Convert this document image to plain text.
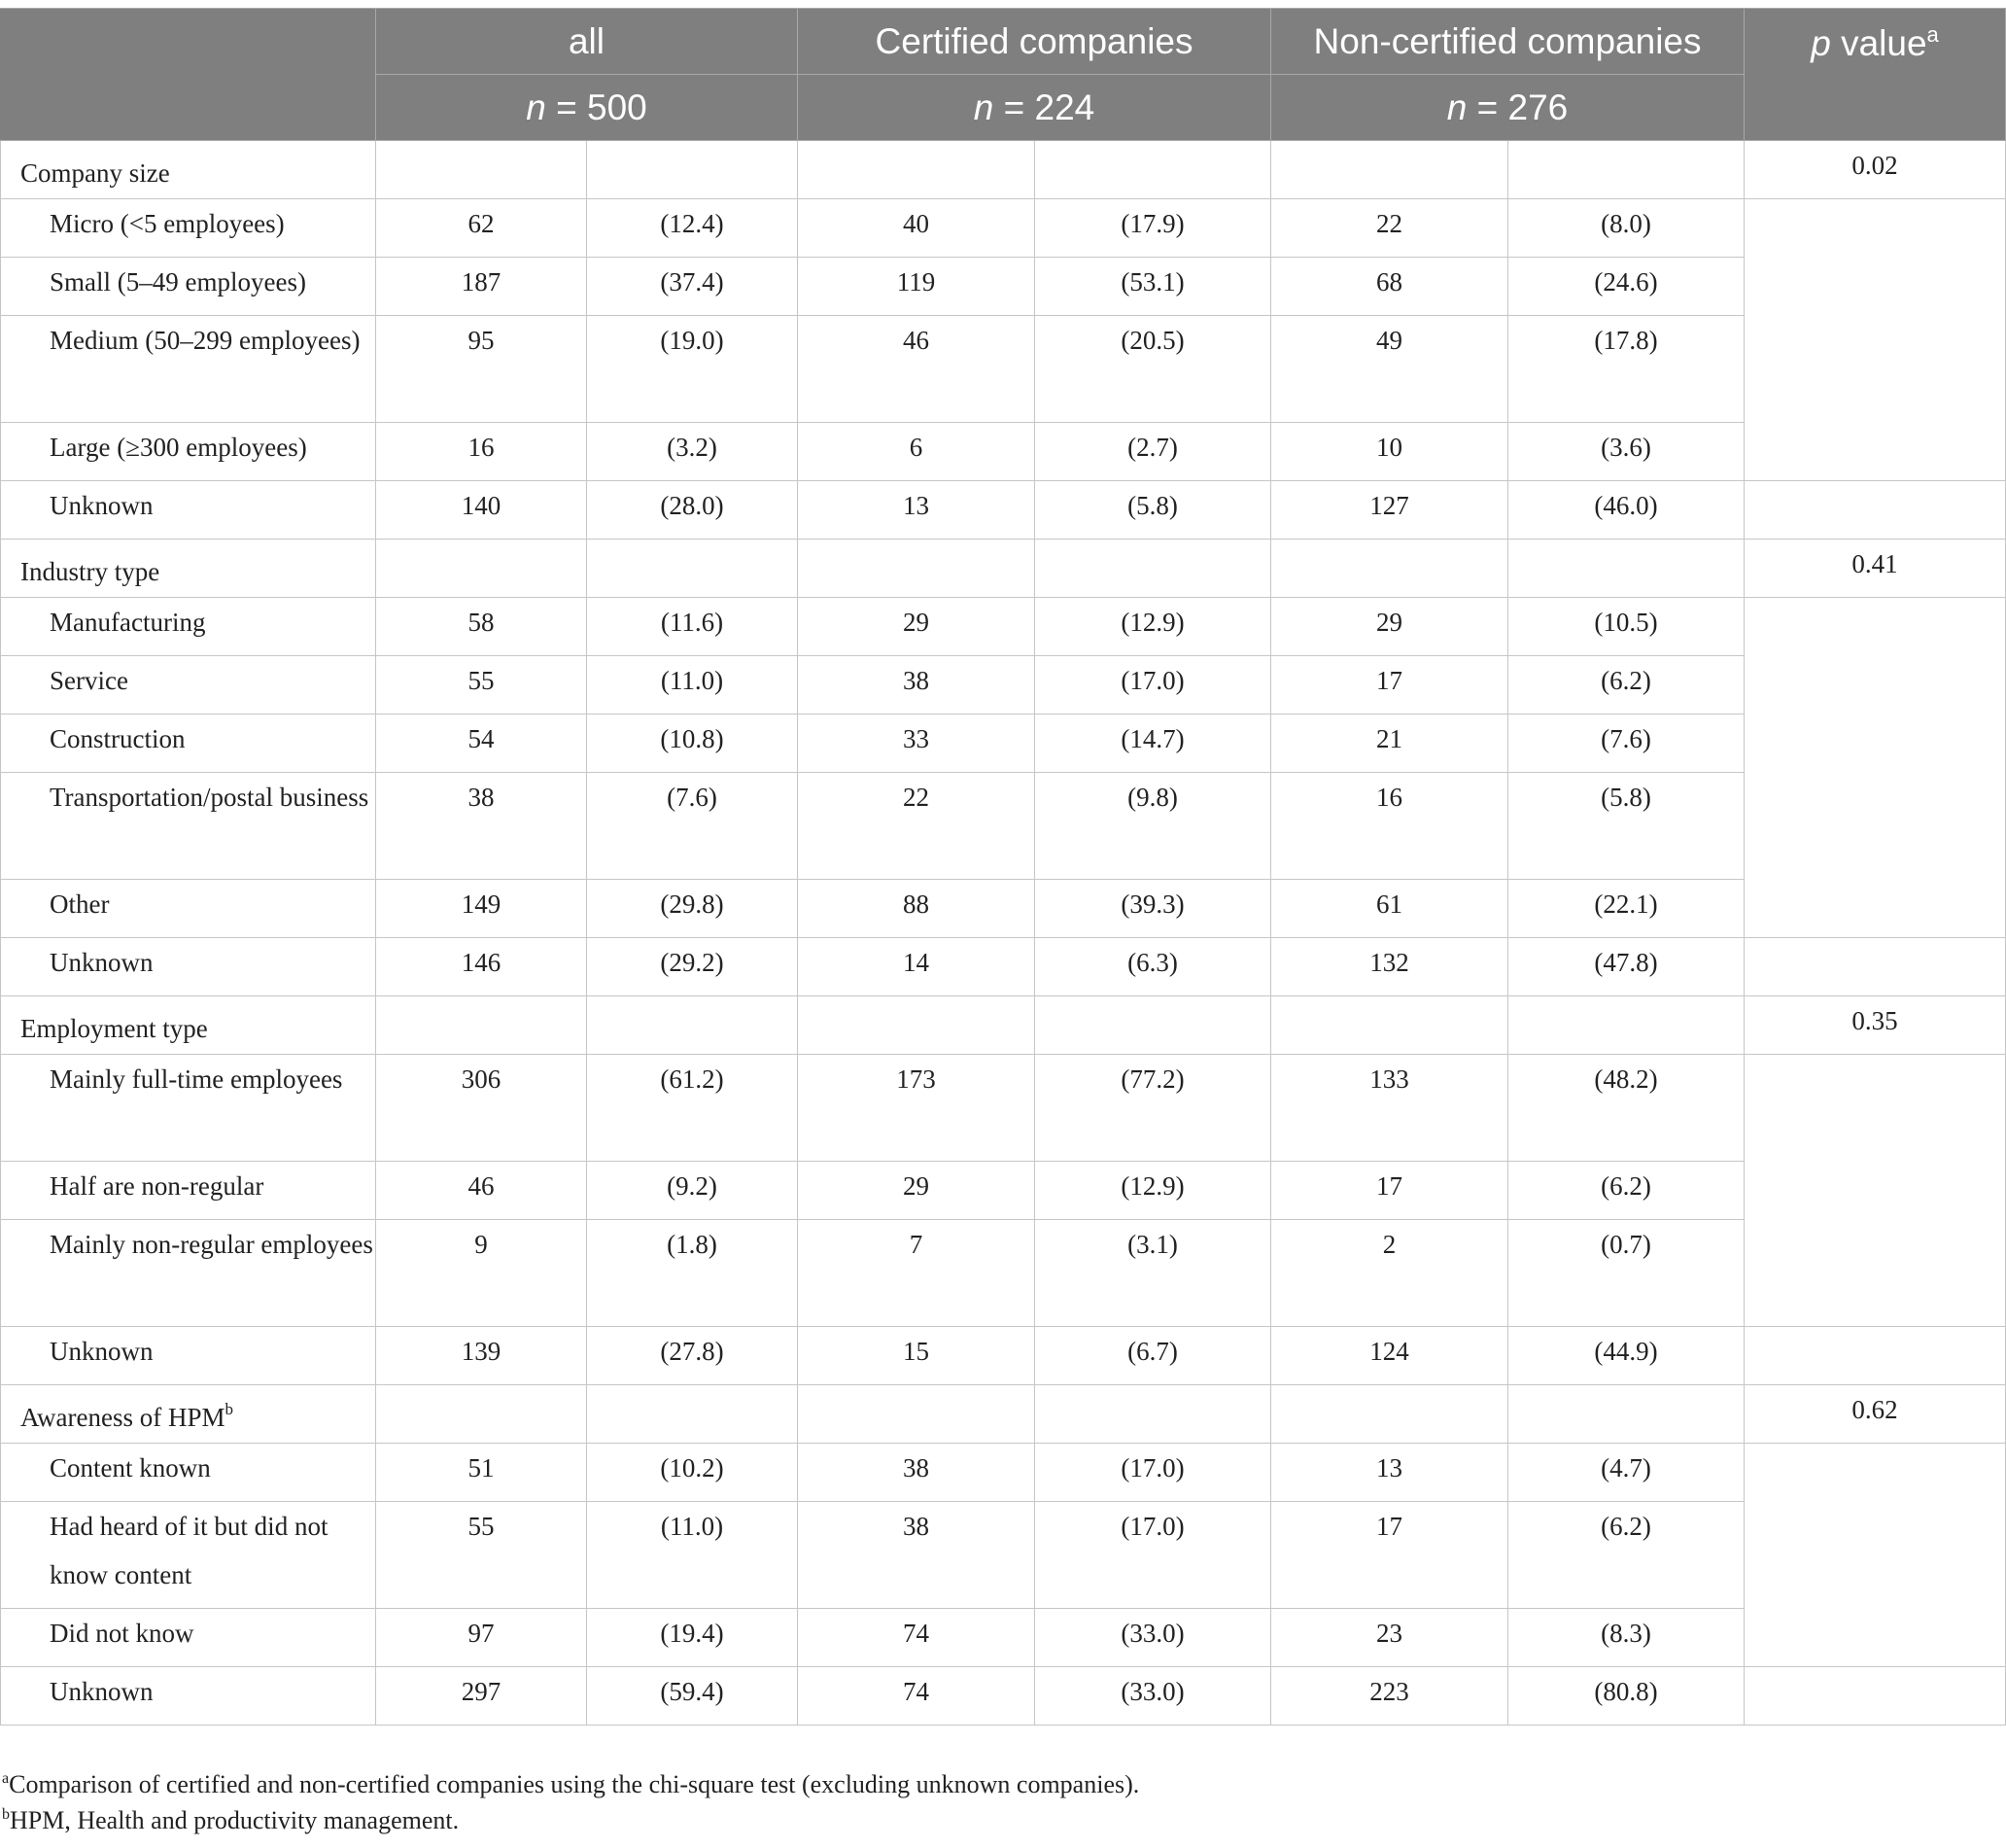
	all		Certified companies		Non-certified companies		p value$^a$
	n = 500		n = 224		n = 276		
Company size							0.02
Micro (<5 employees)	62	(12.4)	40	(17.9)	22	(8.0)	
Small (5–49 employees)	187	(37.4)	119	(53.1)	68	(24.6)	
Medium (50–299 employees)	95	(19.0)	46	(20.5)	49	(17.8)	
Large (≥300 employees)	16	(3.2)	6	(2.7)	10	(3.6)	
Unknown	140	(28.0)	13	(5.8)	127	(46.0)	
Industry type							0.41
Manufacturing	58	(11.6)	29	(12.9)	29	(10.5)	
Service	55	(11.0)	38	(17.0)	17	(6.2)	
Construction	54	(10.8)	33	(14.7)	21	(7.6)	
Transportation/postal business	38	(7.6)	22	(9.8)	16	(5.8)	
Other	149	(29.8)	88	(39.3)	61	(22.1)	
Unknown	146	(29.2)	14	(6.3)	132	(47.8)	
Employment type							0.35
Mainly full-time employees	306	(61.2)	173	(77.2)	133	(48.2)	
Half are non-regular	46	(9.2)	29	(12.9)	17	(6.2)	
Mainly non-regular employees	9	(1.8)	7	(3.1)	2	(0.7)	
Unknown	139	(27.8)	15	(6.7)	124	(44.9)	
Awareness of HPM$^b$							0.62
Content known	51	(10.2)	38	(17.0)	13	(4.7)	
Had heard of it but did not know content	55	(11.0)	38	(17.0)	17	(6.2)	
Did not know	97	(19.4)	74	(33.0)	23	(8.3)	
Unknown	297	(59.4)	74	(33.0)	223	(80.8)	
$^a$Comparison of certified and non-certified companies using the chi-square test (excluding unknown companies).
$^b$HPM, Health and productivity management.
